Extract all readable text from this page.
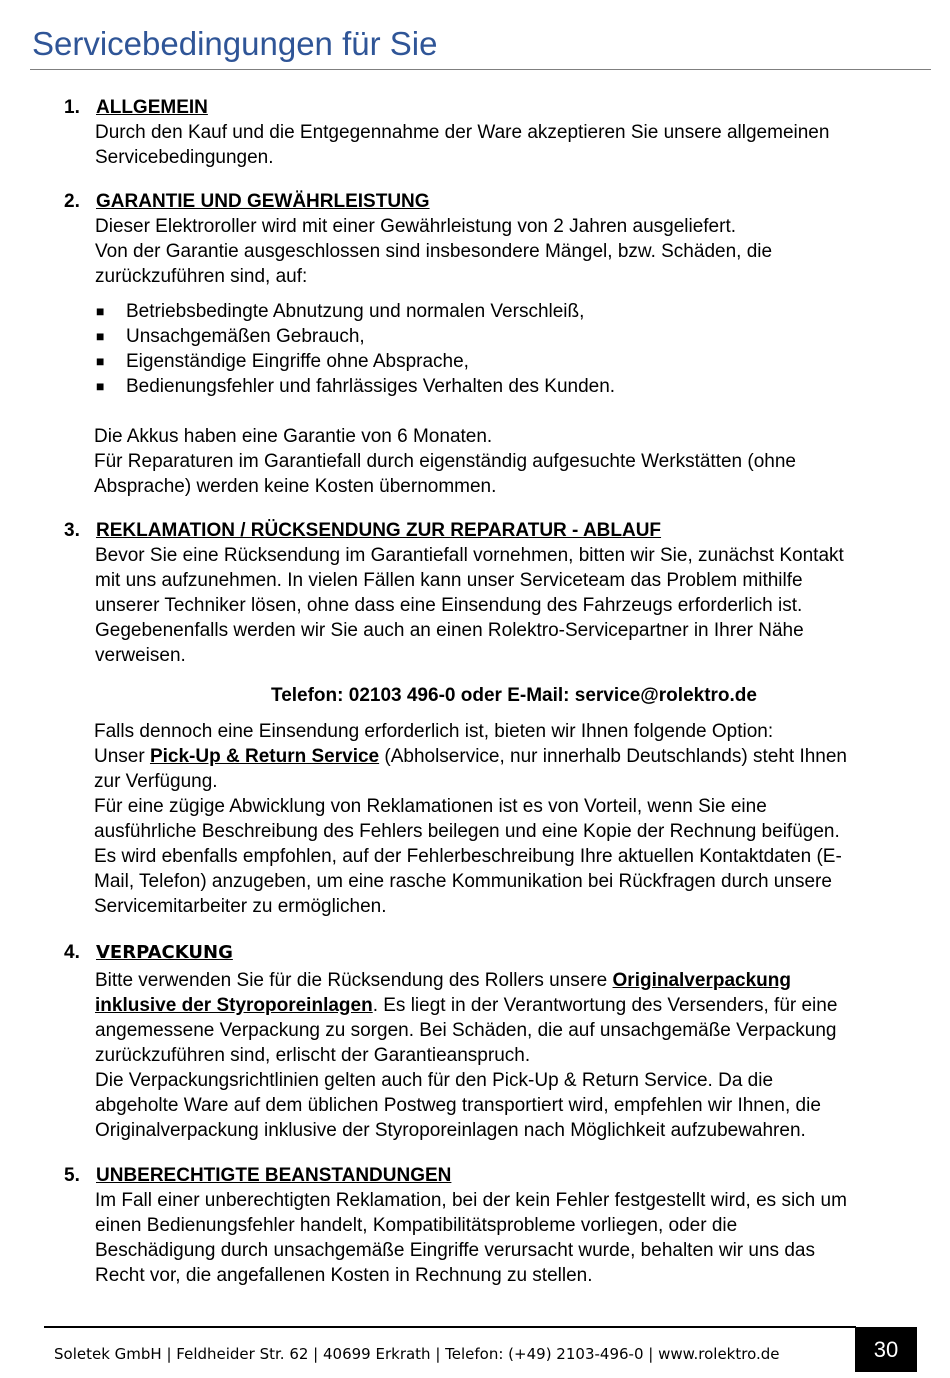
Servicebedingungen für Sie
1. ALLGEMEIN
Durch den Kauf und die Entgegennahme der Ware akzeptieren Sie unsere allgemeinen
Servicebedingungen.
2. GARANTIE UND GEWÄHRLEISTUNG
Dieser Elektroroller wird mit einer Gewährleistung von 2 Jahren ausgeliefert.
Von der Garantie ausgeschlossen sind insbesondere Mängel, bzw. Schäden, die
zurückzuführen sind, auf:
■ Betriebsbedingte Abnutzung und normalen Verschleiß,
■ Unsachgemäßen Gebrauch,
■ Eigenständige Eingriffe ohne Absprache,
■ Bedienungsfehler und fahrlässiges Verhalten des Kunden.
Die Akkus haben eine Garantie von 6 Monaten.
Für Reparaturen im Garantiefall durch eigenständig aufgesuchte Werkstätten (ohne
Absprache) werden keine Kosten übernommen.
3. REKLAMATION / RÜCKSENDUNG ZUR REPARATUR - ABLAUF
Bevor Sie eine Rücksendung im Garantiefall vornehmen, bitten wir Sie, zunächst Kontakt
mit uns aufzunehmen. In vielen Fällen kann unser Serviceteam das Problem mithilfe
unserer Techniker lösen, ohne dass eine Einsendung des Fahrzeugs erforderlich ist.
Gegebenenfalls werden wir Sie auch an einen Rolektro-Servicepartner in Ihrer Nähe
verweisen.
Telefon: 02103 496-0 oder E-Mail: service@rolektro.de
Falls dennoch eine Einsendung erforderlich ist, bieten wir Ihnen folgende Option:
Unser Pick-Up & Return Service (Abholservice, nur innerhalb Deutschlands) steht Ihnen
zur Verfügung.
Für eine zügige Abwicklung von Reklamationen ist es von Vorteil, wenn Sie eine
ausführliche Beschreibung des Fehlers beilegen und eine Kopie der Rechnung beifügen.
Es wird ebenfalls empfohlen, auf der Fehlerbeschreibung Ihre aktuellen Kontaktdaten (E-
Mail, Telefon) anzugeben, um eine rasche Kommunikation bei Rückfragen durch unsere
Servicemitarbeiter zu ermöglichen.
4. VERPACKUNG
Bitte verwenden Sie für die Rücksendung des Rollers unsere Originalverpackung
inklusive der Styroporeinlagen. Es liegt in der Verantwortung des Versenders, für eine
angemessene Verpackung zu sorgen. Bei Schäden, die auf unsachgemäße Verpackung
zurückzuführen sind, erlischt der Garantieanspruch.
Die Verpackungsrichtlinien gelten auch für den Pick-Up & Return Service. Da die
abgeholte Ware auf dem üblichen Postweg transportiert wird, empfehlen wir Ihnen, die
Originalverpackung inklusive der Styroporeinlagen nach Möglichkeit aufzubewahren.
5. UNBERECHTIGTE BEANSTANDUNGEN
Im Fall einer unberechtigten Reklamation, bei der kein Fehler festgestellt wird, es sich um
einen Bedienungsfehler handelt, Kompatibilitätsprobleme vorliegen, oder die
Beschädigung durch unsachgemäße Eingriffe verursacht wurde, behalten wir uns das
Recht vor, die angefallenen Kosten in Rechnung zu stellen.
Soletek GmbH | Feldheider Str. 62 | 40699 Erkrath | Telefon: (+49) 2103-496-0 | www.rolektro.de	30
